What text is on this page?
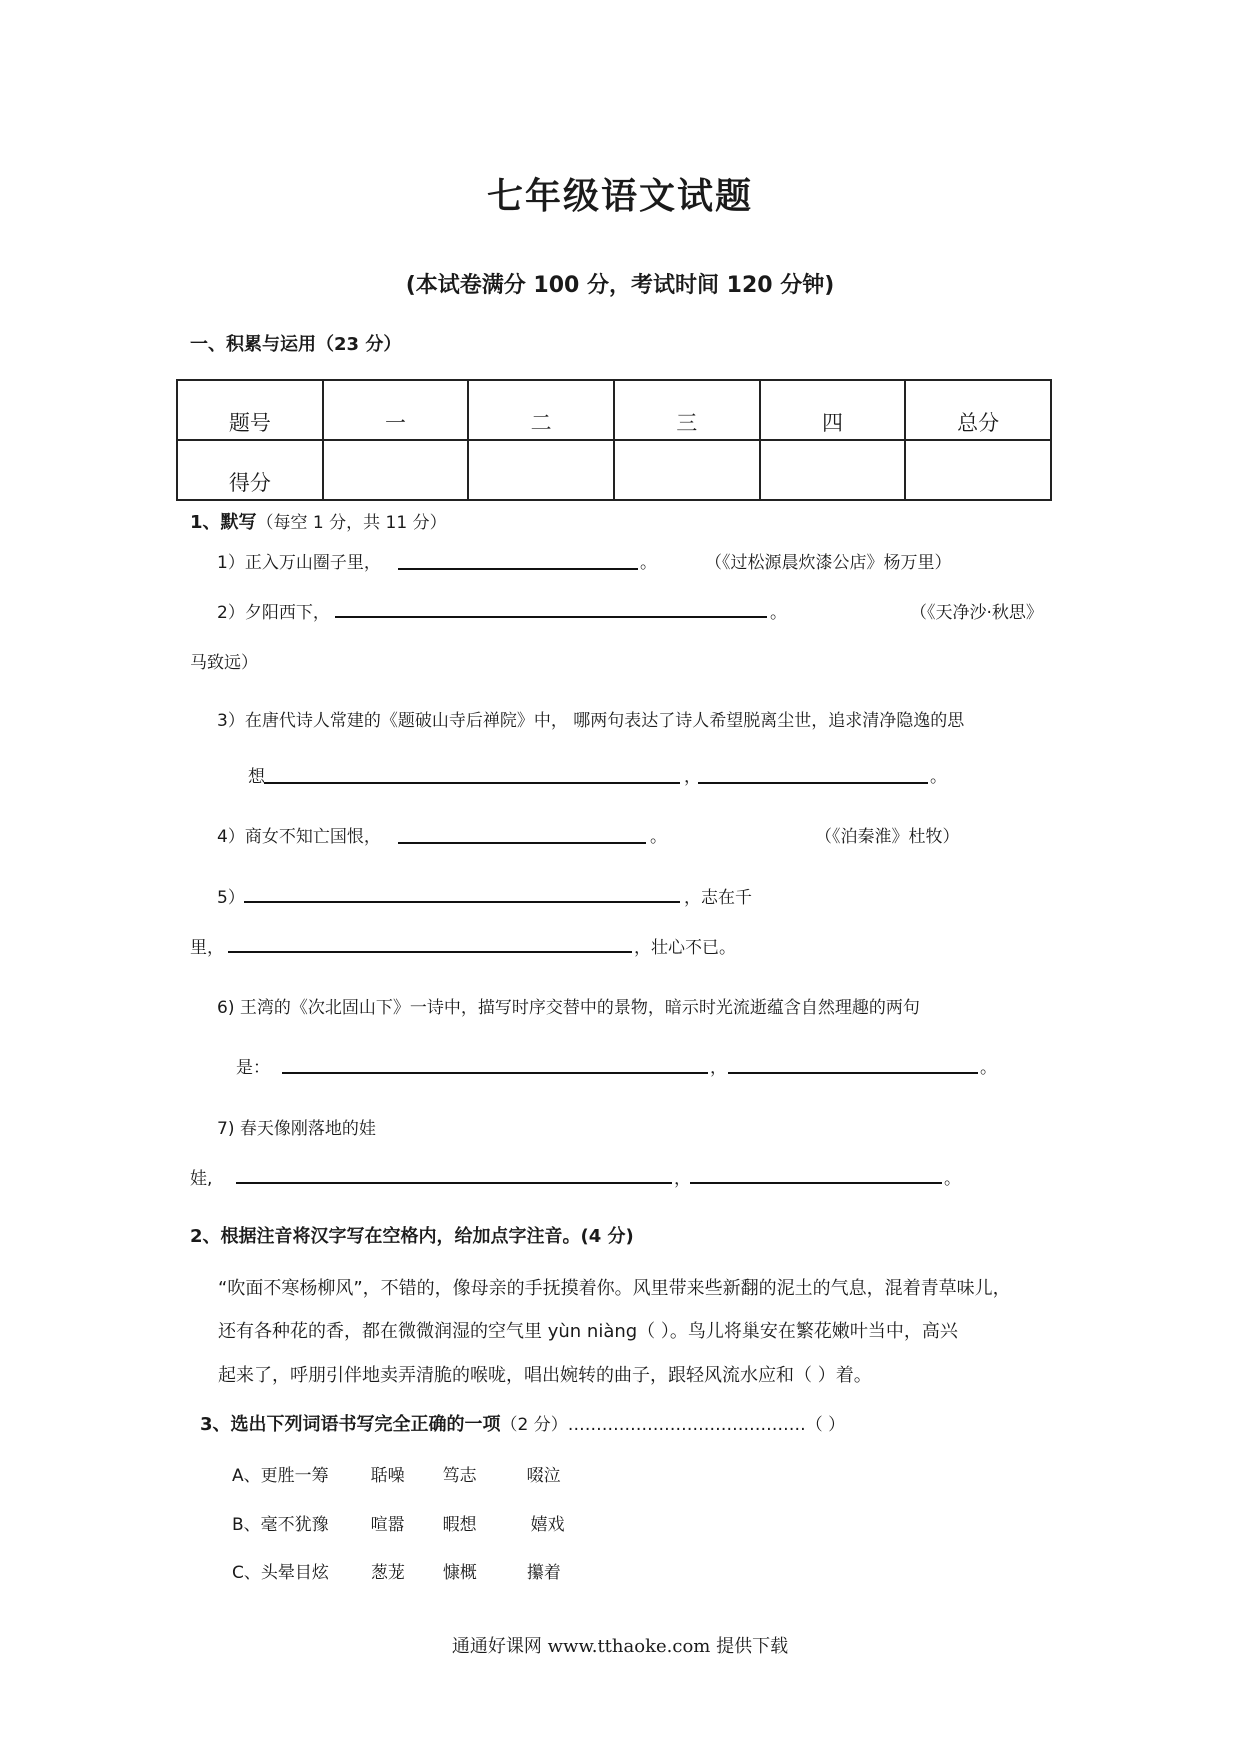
七年级语文试题
(本试卷满分 100 分，考试时间 120 分钟)
一、积累与运用（23 分）
题号	一	二	三	四	总分
得分					
1、默写（每空 1 分，共 11 分）
1）正入万山圈子里，	。	（《过松源晨炊漆公店》杨万里）
2）夕阳西下，	。	（《天净沙·秋思》
马致远）
3）在唐代诗人常建的《题破山寺后禅院》中， 哪两句表达了诗人希望脱离尘世，追求清净隐逸的思
想	，	。
4）商女不知亡国恨，	。	（《泊秦淮》杜牧）
5）	，志在千
里，	，壮心不已。
6) 王湾的《次北固山下》一诗中，描写时序交替中的景物，暗示时光流逝蕴含自然理趣的两句
是：	，	。
7) 春天像刚落地的娃
娃,	，	。
2、根据注音将汉字写在空格内，给加点字注音。(4 分)
“吹面不寒杨柳风”，不错的，像母亲的手抚摸着你。风里带来些新翻的泥土的气息，混着青草味儿，
还有各种花的香，都在微微润湿的空气里 yùn niàng（ ）。鸟儿将巢安在繁花嫩叶当中，高兴
起来了，呼朋引伴地卖弄清脆的喉咙，唱出婉转的曲子，跟轻风流水应和（ ）着。
3、选出下列词语书写完全正确的一项（2 分）……………………………………（ ）
A、更胜一筹 聒噪 笃志	啜泣
B、毫不犹豫 喧嚣 暇想	嬉戏
C、头晕目炫 葱茏 慷概	攥着
通通好课网 www.tthaoke.com 提供下载
